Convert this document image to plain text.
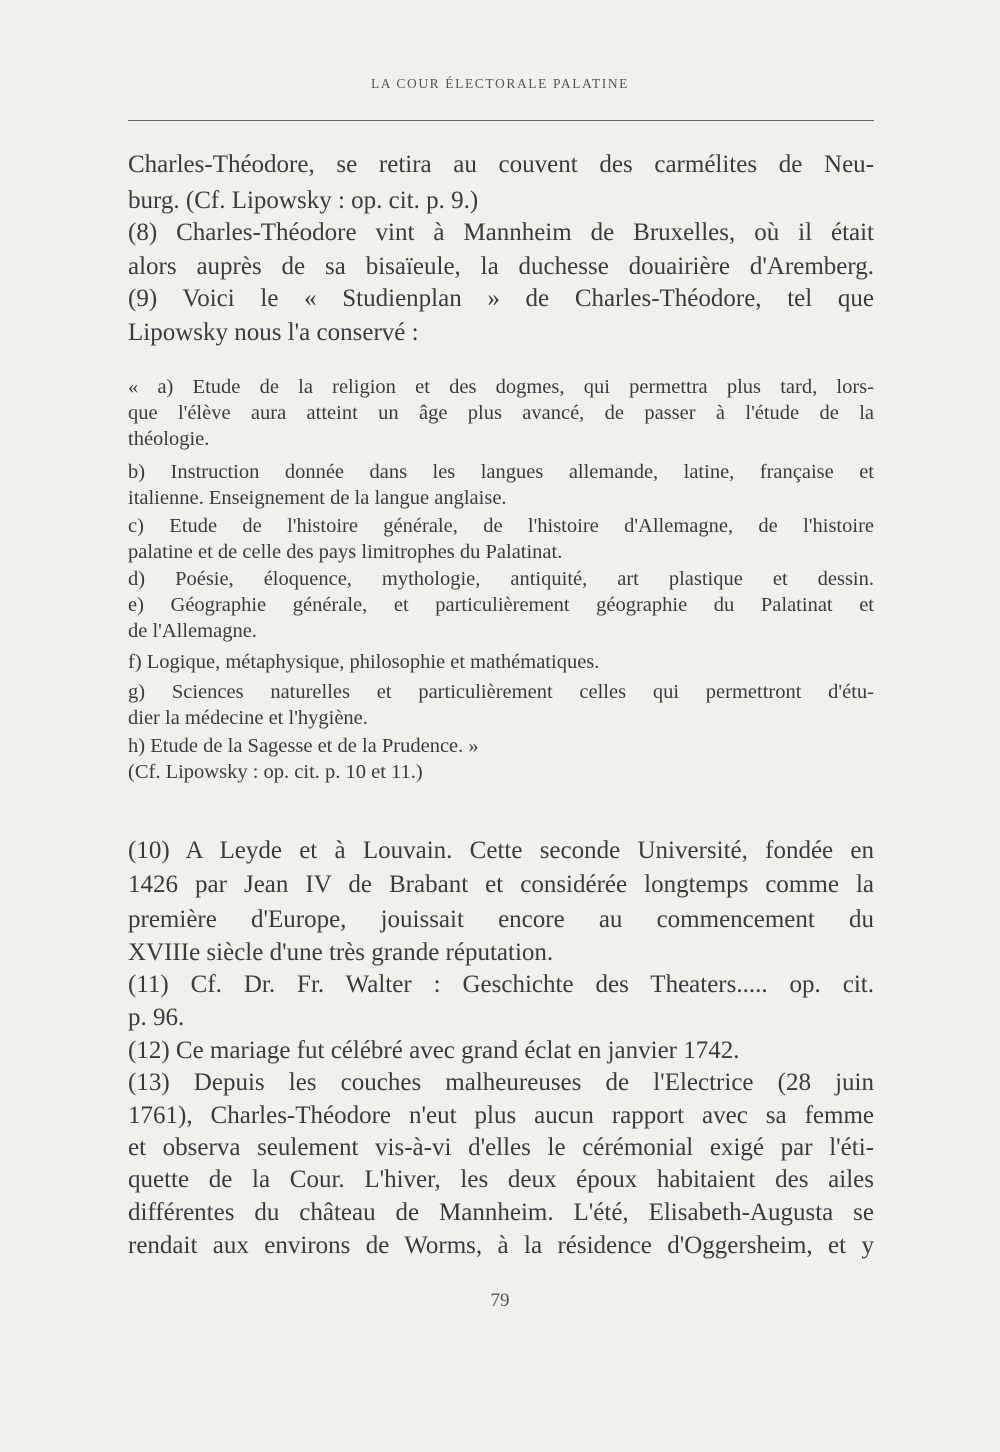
LA COUR ÉLECTORALE PALATINE
Charles-Théodore, se retira au couvent des carmélites de Neu-
burg. (Cf. Lipowsky : op. cit. p. 9.)
(8) Charles-Théodore vint à Mannheim de Bruxelles, où il était
alors auprès de sa bisaïeule, la duchesse douairière d'Aremberg.
(9) Voici le « Studienplan » de Charles-Théodore, tel que
Lipowsky nous l'a conservé :
« a) Etude de la religion et des dogmes, qui permettra plus tard, lors-
que l'élève aura atteint un âge plus avancé, de passer à l'étude de la
théologie.
b) Instruction donnée dans les langues allemande, latine, française et
italienne. Enseignement de la langue anglaise.
c) Etude de l'histoire générale, de l'histoire d'Allemagne, de l'histoire
palatine et de celle des pays limitrophes du Palatinat.
d) Poésie, éloquence, mythologie, antiquité, art plastique et dessin.
e) Géographie générale, et particulièrement géographie du Palatinat et
de l'Allemagne.
f) Logique, métaphysique, philosophie et mathématiques.
g) Sciences naturelles et particulièrement celles qui permettront d'étu-
dier la médecine et l'hygiène.
h) Etude de la Sagesse et de la Prudence. »
(Cf. Lipowsky : op. cit. p. 10 et 11.)
(10) A Leyde et à Louvain. Cette seconde Université, fondée en
1426 par Jean IV de Brabant et considérée longtemps comme la
première d'Europe, jouissait encore au commencement du
XVIIIe siècle d'une très grande réputation.
(11) Cf. Dr. Fr. Walter : Geschichte des Theaters..... op. cit.
p. 96.
(12) Ce mariage fut célébré avec grand éclat en janvier 1742.
(13) Depuis les couches malheureuses de l'Electrice (28 juin
1761), Charles-Théodore n'eut plus aucun rapport avec sa femme
et observa seulement vis-à-vi d'elles le cérémonial exigé par l'éti-
quette de la Cour. L'hiver, les deux époux habitaient des ailes
différentes du château de Mannheim. L'été, Elisabeth-Augusta se
rendait aux environs de Worms, à la résidence d'Oggersheim, et y
79
